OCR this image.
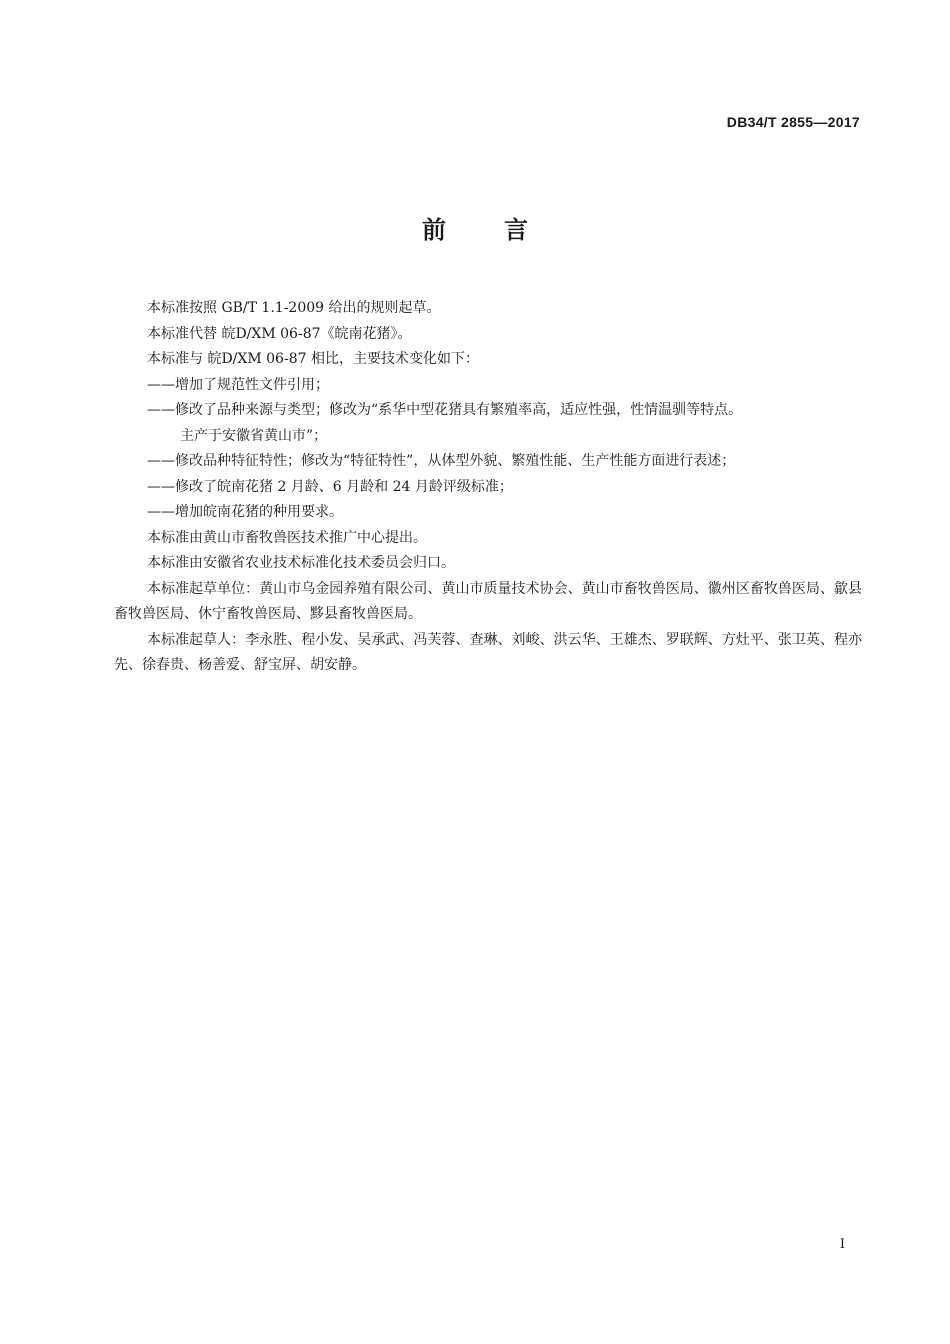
DB34/T 2855—2017
前言

本标准按照 GB/T 1.1-2009 给出的规则起草。

本标准代替 皖D/XM 06-87《皖南花猪》。

本标准与 皖D/XM 06-87 相比，主要技术变化如下：

——增加了规范性文件引用；

——修改了品种来源与类型；修改为“系华中型花猪具有繁殖率高，适应性强，性情温驯等特点。

主产于安徽省黄山市”；

——修改品种特征特性；修改为“特征特性”，从体型外貌、繁殖性能、生产性能方面进行表述；

——修改了皖南花猪 2 月龄、6 月龄和 24 月龄评级标准；

——增加皖南花猪的种用要求。

本标准由黄山市畜牧兽医技术推广中心提出。

本标准由安徽省农业技术标准化技术委员会归口。

本标准起草单位：黄山市乌金园养殖有限公司、黄山市质量技术协会、黄山市畜牧兽医局、徽州区畜牧兽医局、歙县畜牧兽医局、休宁畜牧兽医局、黟县畜牧兽医局。

本标准起草人：李永胜、程小发、吴承武、冯芙蓉、查琳、刘峻、洪云华、王雄杰、罗联辉、方灶平、张卫英、程亦先、徐春贵、杨善爱、舒宝屏、胡安静。

I
